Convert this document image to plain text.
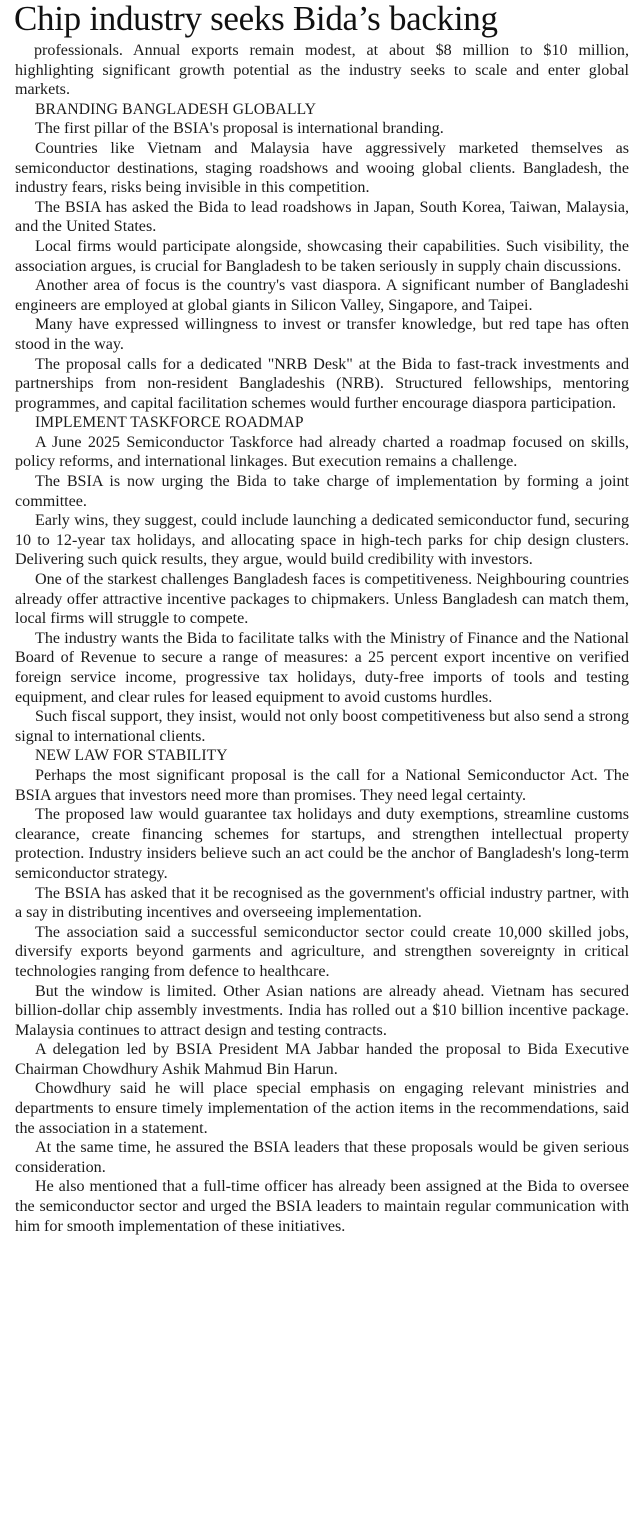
Chip industry seeks Bida’s backing

professionals. Annual exports remain modest, at about $8 million to $10 million, highlighting significant growth potential as the industry seeks to scale and enter global markets.

BRANDING BANGLADESH GLOBALLY

The first pillar of the BSIA's proposal is international branding.

Countries like Vietnam and Malaysia have aggressively marketed themselves as semiconductor destinations, staging roadshows and wooing global clients. Bangladesh, the industry fears, risks being invisible in this competition.

The BSIA has asked the Bida to lead roadshows in Japan, South Korea, Taiwan, Malaysia, and the United States.

Local firms would participate alongside, showcasing their capabilities. Such visibility, the association argues, is crucial for Bangladesh to be taken seriously in supply chain discussions.

Another area of focus is the country's vast diaspora. A significant number of Bangladeshi engineers are employed at global giants in Silicon Valley, Singapore, and Taipei.

Many have expressed willingness to invest or transfer knowledge, but red tape has often stood in the way.

The proposal calls for a dedicated "NRB Desk" at the Bida to fast-track investments and partnerships from non-resident Bangladeshis (NRB). Structured fellowships, mentoring programmes, and capital facilitation schemes would further encourage diaspora participation.

IMPLEMENT TASKFORCE ROADMAP

A June 2025 Semiconductor Taskforce had already charted a roadmap focused on skills, policy reforms, and international linkages. But execution remains a challenge.

The BSIA is now urging the Bida to take charge of implementation by forming a joint committee.

Early wins, they suggest, could include launching a dedicated semiconductor fund, securing 10 to 12-year tax holidays, and allocating space in high-tech parks for chip design clusters. Delivering such quick results, they argue, would build credibility with investors.

One of the starkest challenges Bangladesh faces is competitiveness. Neighbouring countries already offer attractive incentive packages to chipmakers. Unless Bangladesh can match them, local firms will struggle to compete.

The industry wants the Bida to facilitate talks with the Ministry of Finance and the National Board of Revenue to secure a range of measures: a 25 percent export incentive on verified foreign service income, progressive tax holidays, duty-free imports of tools and testing equipment, and clear rules for leased equipment to avoid customs hurdles.

Such fiscal support, they insist, would not only boost competitiveness but also send a strong signal to international clients.

NEW LAW FOR STABILITY

Perhaps the most significant proposal is the call for a National Semiconductor Act. The BSIA argues that investors need more than promises. They need legal certainty.

The proposed law would guarantee tax holidays and duty exemptions, streamline customs clearance, create financing schemes for startups, and strengthen intellectual property protection. Industry insiders believe such an act could be the anchor of Bangladesh's long-term semiconductor strategy.

The BSIA has asked that it be recognised as the government's official industry partner, with a say in distributing incentives and overseeing implementation.

The association said a successful semiconductor sector could create 10,000 skilled jobs, diversify exports beyond garments and agriculture, and strengthen sovereignty in critical technologies ranging from defence to healthcare.

But the window is limited. Other Asian nations are already ahead. Vietnam has secured billion-dollar chip assembly investments. India has rolled out a $10 billion incentive package. Malaysia continues to attract design and testing contracts.

A delegation led by BSIA President MA Jabbar handed the proposal to Bida Executive Chairman Chowdhury Ashik Mahmud Bin Harun.

Chowdhury said he will place special emphasis on engaging relevant ministries and departments to ensure timely implementation of the action items in the recommendations, said the association in a statement.

At the same time, he assured the BSIA leaders that these proposals would be given serious consideration.

He also mentioned that a full-time officer has already been assigned at the Bida to oversee the semiconductor sector and urged the BSIA leaders to maintain regular communication with him for smooth implementation of these initiatives.
